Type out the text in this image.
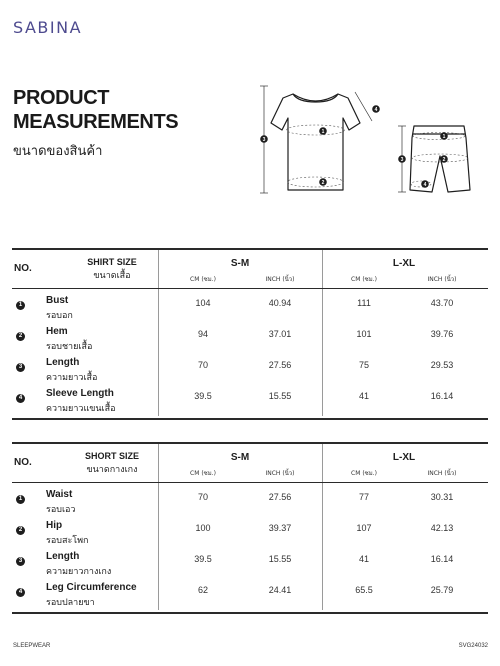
SABINA
PRODUCT
MEASUREMENTS
ขนาดของสินค้า
1
2
3
4
1
2
3
4
NO.
SHIRT SIZE
ขนาดเสื้อ
S-M	L-XL
CM (ซม.)	INCH (นิ้ว)	CM (ซม.)	INCH (นิ้ว)
1 Bust
รอบอก
104	40.94	111	43.70
2 Hem
รอบชายเสื้อ
94	37.01	101	39.76
3 Length
ความยาวเสื้อ
70	27.56	75	29.53
4 Sleeve Length
ความยาวแขนเสื้อ
39.5	15.55	41	16.14
NO.
SHORT SIZE
ขนาดกางเกง
S-M	L-XL
CM (ซม.)	INCH (นิ้ว)	CM (ซม.)	INCH (นิ้ว)
1 Waist
รอบเอว
70	27.56	77	30.31
2 Hip
รอบสะโพก
100	39.37	107	42.13
3 Length
ความยาวกางเกง
39.5	15.55	41	16.14
4 Leg Circumference
รอบปลายขา
62	24.41	65.5	25.79
SLEEPWEAR	SVG24032
